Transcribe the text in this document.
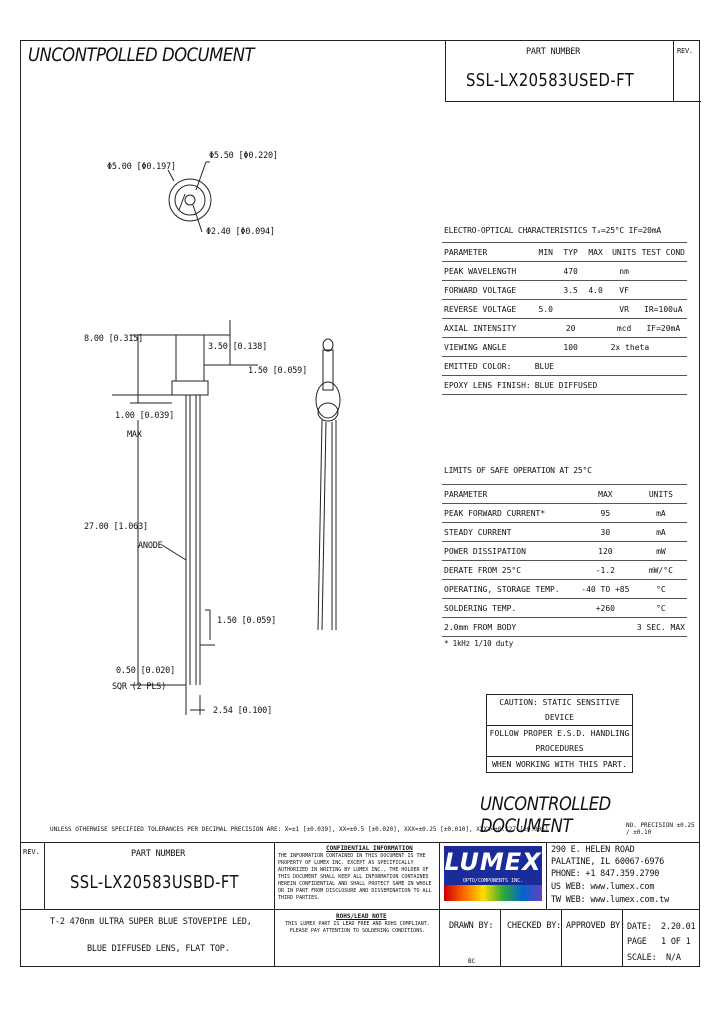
UNCONTPOLLED DOCUMENT	PART NUMBER	REV.
SSL-LX20583USED-FT
Φ5.00 [Φ0.197]
Φ5.50 [Φ0.220]
Φ2.40 [Φ0.094]
8.00 [0.315]
3.50 [0.138]
1.50 [0.059]
1.00 [0.039]
MAX
27.00 [1.063]
ANODE
1.50 [0.059]
0.50 [0.020]
SQR (2 PLS)
2.54 [0.100]
ELECTRO-OPTICAL CHARACTERISTICS Tₐ=25°C IF=20mA
PARAMETER	MIN	TYP	MAX	UNITS	TEST COND
PEAK WAVELENGTH		470		nm	
FORWARD VOLTAGE		3.5	4.0	VF	
REVERSE VOLTAGE	5.0			VR	IR=100uA
AXIAL INTENSITY		20		mcd	IF=20mA
VIEWING ANGLE		100		2x theta	
EMITTED COLOR:	BLUE				
EPOXY LENS FINISH:	BLUE DIFFUSED				
LIMITS OF SAFE OPERATION AT 25°C
PARAMETER	MAX	UNITS
PEAK FORWARD CURRENT*	95	mA
STEADY CURRENT	30	mA
POWER DISSIPATION	120	mW
DERATE FROM 25°C	-1.2	mW/°C
OPERATING, STORAGE TEMP.	-40 TO +85	°C
SOLDERING TEMP.	+260	°C
2.0mm FROM BODY		3 SEC. MAX
* 1kHz 1/10 duty
CAUTION: STATIC SENSITIVE DEVICE
FOLLOW PROPER E.S.D. HANDLING PROCEDURES
WHEN WORKING WITH THIS PART.
UNCONTROLLED DOCUMENT
UNLESS OTHERWISE SPECIFIED TOLERANCES PER DECIMAL PRECISION ARE: X=±1 [±0.039], XX=±0.5 [±0.020], XXX=±0.25 [±0.010], XXXX=±0.127 [±0.005]
NO. PRECISION ±0.25 / ±0.10
REV.	PART NUMBER
SSL-LX20583USBD-FT
CONFIDENTIAL INFORMATION
THE INFORMATION CONTAINED IN THIS DOCUMENT IS THE PROPERTY OF LUMEX INC. EXCEPT AS SPECIFICALLY AUTHORIZED IN WRITING BY LUMEX INC., THE HOLDER OF THIS DOCUMENT SHALL KEEP ALL INFORMATION CONTAINED HEREIN CONFIDENTIAL AND SHALL PROTECT SAME IN WHOLE OR IN PART FROM DISCLOSURE AND DISSEMINATION TO ALL THIRD PARTIES.
LUMEX
OPTO/COMPONENTS INC.
290 E. HELEN ROAD
PALATINE, IL 60067-6976
PHONE: +1 847.359.2790
US WEB: www.lumex.com
TW WEB: www.lumex.com.tw
T-2 470nm ULTRA SUPER BLUE STOVEPIPE LED,
BLUE DIFFUSED LENS, FLAT TOP.
ROHS/LEAD NOTE
THIS LUMEX PART IS LEAD FREE AND ROHS COMPLIANT. PLEASE PAY ATTENTION TO SOLDERING CONDITIONS.	DRAWN BY:
BC
CHECKED BY: APPROVED BY: DATE: 2.20.01
PAGE 1 OF 1
SCALE: N/A
